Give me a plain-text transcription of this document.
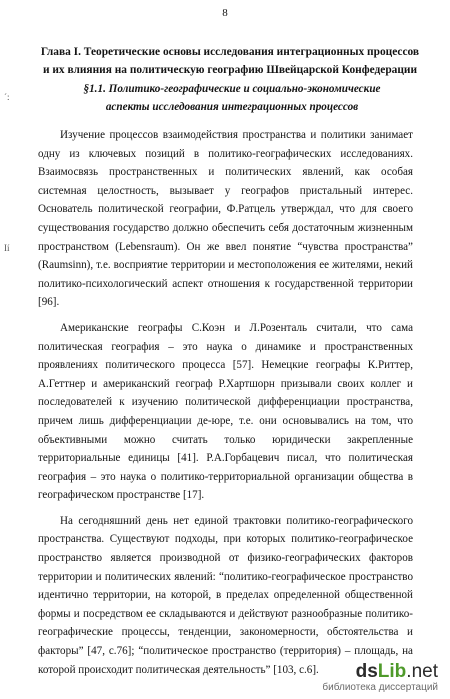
8
Глава I. Теоретические основы исследования интеграционных процессов и их влияния на политическую географию Швейцарской Конфедерации
§1.1. Политико-географические и социально-экономические аспекты исследования интеграционных процессов
´:
Ιí

Изучение процессов взаимодействия пространства и политики занимает одну из ключевых позиций в политико-географических исследованиях. Взаимосвязь пространственных и политических явлений, как особая системная целостность, вызывает у географов пристальный интерес. Основатель политической географии, Ф.Ратцель утверждал, что для своего существования государство должно обеспечить себя достаточным жизненным пространством (Lebensraum). Он же ввел понятие “чувства пространства” (Raumsinn), т.е. восприятие территории и местоположения ее жителями, некий политико-психологический аспект отношения к государственной территории [96].

Американские географы С.Коэн и Л.Розенталь считали, что сама политическая география – это наука о динамике и пространственных проявлениях политического процесса [57]. Немецкие географы К.Риттер, А.Геттнер и американский географ Р.Хартшорн призывали своих коллег и последователей к изучению политической дифференциации пространства, причем лишь дифференциации де-юре, т.е. они основывались на том, что объективными можно считать только юридически закрепленные территориальные единицы [41]. Р.А.Горбацевич писал, что политическая география – это наука о политико-территориальной организации общества в географическом пространстве [17].

На сегодняшний день нет единой трактовки политико-географического пространства. Существуют подходы, при которых политико-географическое пространство является производной от физико-географических факторов территории и политических явлений: “политико-географическое пространство идентично территории, на которой, в пределах определенной общественной формы и посредством ее складываются и действуют разнообразные политико-географические процессы, тенденции, закономерности, обстоятельства и факторы” [47, с.76]; “политическое пространство (территория) – площадь, на которой происходит политическая деятельность” [103, с.6].	dsLib.net
библиотека диссертаций
